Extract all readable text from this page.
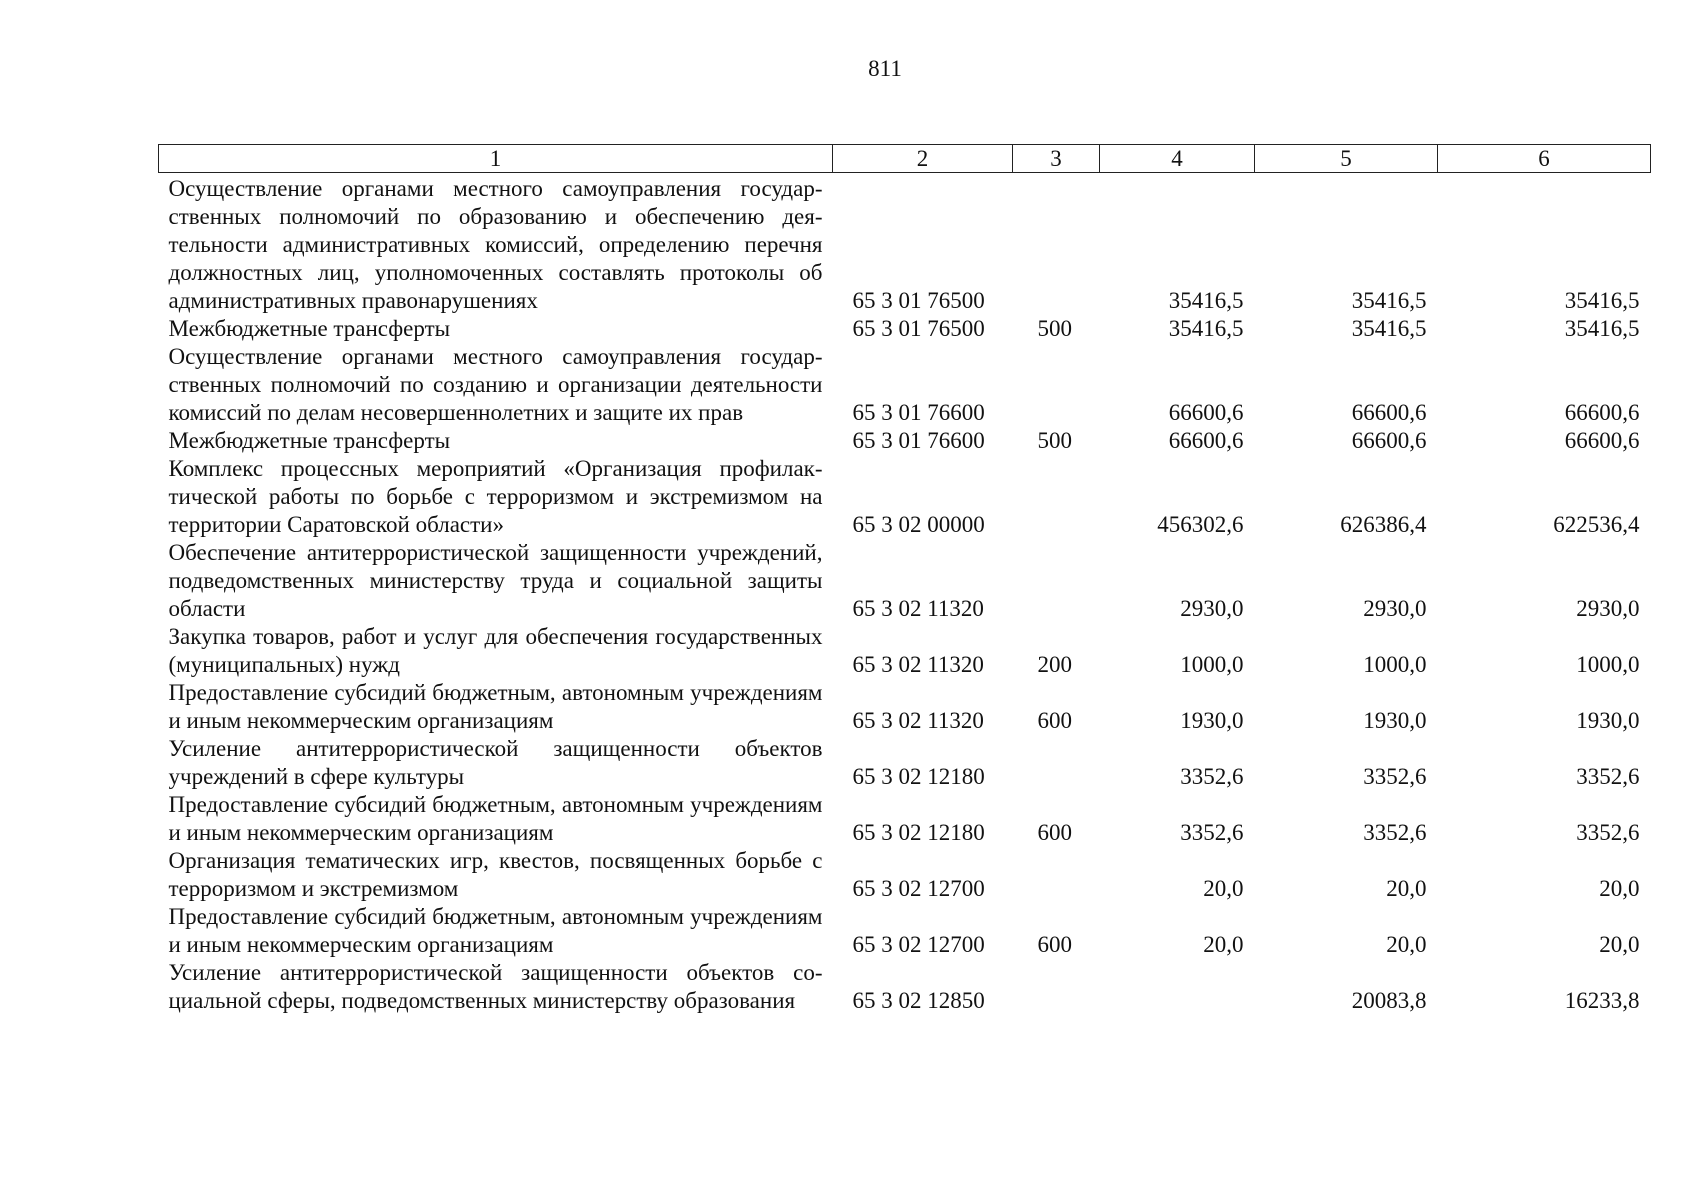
811
1	2	3	4	5	6
Осуществление органами местного самоуправления государственных полномочий по образованию и обеспечению деятельности административных комиссий, определению перечня должностных лиц, уполномоченных составлять протоколы об административных правонарушениях	65 3 01 76500		35416,5	35416,5	35416,5
Межбюджетные трансферты	65 3 01 76500	500	35416,5	35416,5	35416,5
Осуществление органами местного самоуправления государственных полномочий по созданию и организации деятельности комиссий по делам несовершеннолетних и защите их прав	65 3 01 76600		66600,6	66600,6	66600,6
Межбюджетные трансферты	65 3 01 76600	500	66600,6	66600,6	66600,6
Комплекс процессных мероприятий «Организация профилактической работы по борьбе с терроризмом и экстремизмом на территории Саратовской области»	65 3 02 00000		456302,6	626386,4	622536,4
Обеспечение антитеррористической защищенности учреждений, подведомственных министерству труда и социальной защиты области	65 3 02 11320		2930,0	2930,0	2930,0
Закупка товаров, работ и услуг для обеспечения государственных (муниципальных) нужд	65 3 02 11320	200	1000,0	1000,0	1000,0
Предоставление субсидий бюджетным, автономным учреждениям и иным некоммерческим организациям	65 3 02 11320	600	1930,0	1930,0	1930,0
Усиление антитеррористической защищенности объектов учреждений в сфере культуры	65 3 02 12180		3352,6	3352,6	3352,6
Предоставление субсидий бюджетным, автономным учреждениям и иным некоммерческим организациям	65 3 02 12180	600	3352,6	3352,6	3352,6
Организация тематических игр, квестов, посвященных борьбе с терроризмом и экстремизмом	65 3 02 12700		20,0	20,0	20,0
Предоставление субсидий бюджетным, автономным учреждениям и иным некоммерческим организациям	65 3 02 12700	600	20,0	20,0	20,0
Усиление антитеррористической защищенности объектов социальной сферы, подведомственных министерству образования	65 3 02 12850			20083,8	16233,8
